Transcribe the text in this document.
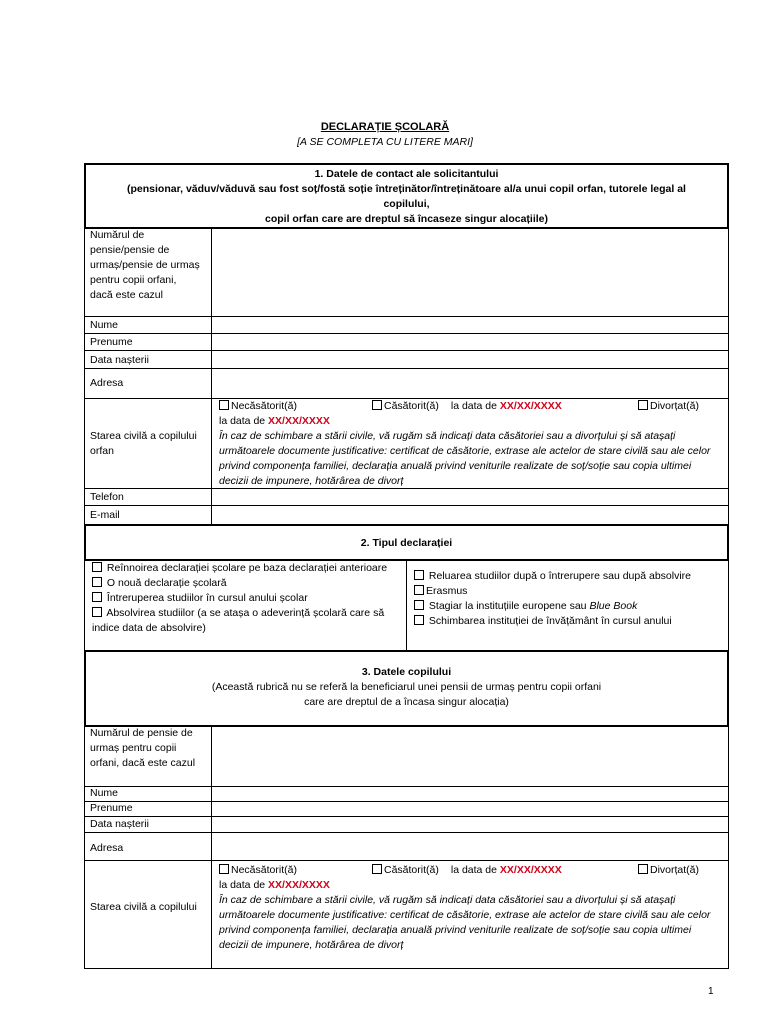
DECLARAȚIE ȘCOLARĂ
[A SE COMPLETA CU LITERE MARI]
1. Datele de contact ale solicitantului
(pensionar, văduv/văduvă sau fost soț/fostă soție întreținător/întreținătoare al/a unui copil orfan, tutorele legal al copilului,
copil orfan care are dreptul să încaseze singur alocațiile)
Numărul de pensie/pensie de urmaș/pensie de urmaș pentru copii orfani, dacă este cazul
Nume
Prenume
Data nașterii
Adresa
Starea civilă a copilului orfan
Necăsătorit(ă)	Căsătorit(ă) la data de XX/XX/XXXX	Divorțat(ă)
la data de XX/XX/XXXX
În caz de schimbare a stării civile, vă rugăm să indicați data căsătoriei sau a divorțului și să atașați următoarele documente justificative: certificat de căsătorie, extrase ale actelor de stare civilă sau ale celor privind componența familiei, declarația anuală privind veniturile realizate de soț/soție sau copia ultimei decizii de impunere, hotărârea de divorț
Telefon
E-mail
2. Tipul declarației
Reînnoirea declarației școlare pe baza declarației anterioare
O nouă declarație școlară
Întreruperea studiilor în cursul anului școlar
Absolvirea studiilor (a se atașa o adeverință școlară care să indice data de absolvire)
Reluarea studiilor după o întrerupere sau după absolvire
Erasmus
Stagiar la instituțiile europene sau Blue Book
Schimbarea instituției de învățământ în cursul anului
3. Datele copilului
(Această rubrică nu se referă la beneficiarul unei pensii de urmaș pentru copii orfani
care are dreptul de a încasa singur alocația)
Numărul de pensie de urmaș pentru copii orfani, dacă este cazul
Nume
Prenume
Data nașterii
Adresa
Starea civilă a copilului
Necăsătorit(ă)	Căsătorit(ă) la data de XX/XX/XXXX	Divorțat(ă)
la data de XX/XX/XXXX
În caz de schimbare a stării civile, vă rugăm să indicați data căsătoriei sau a divorțului și să atașați următoarele documente justificative: certificat de căsătorie, extrase ale actelor de stare civilă sau ale celor privind componența familiei, declarația anuală privind veniturile realizate de soț/soție sau copia ultimei decizii de impunere, hotărârea de divorț
1
